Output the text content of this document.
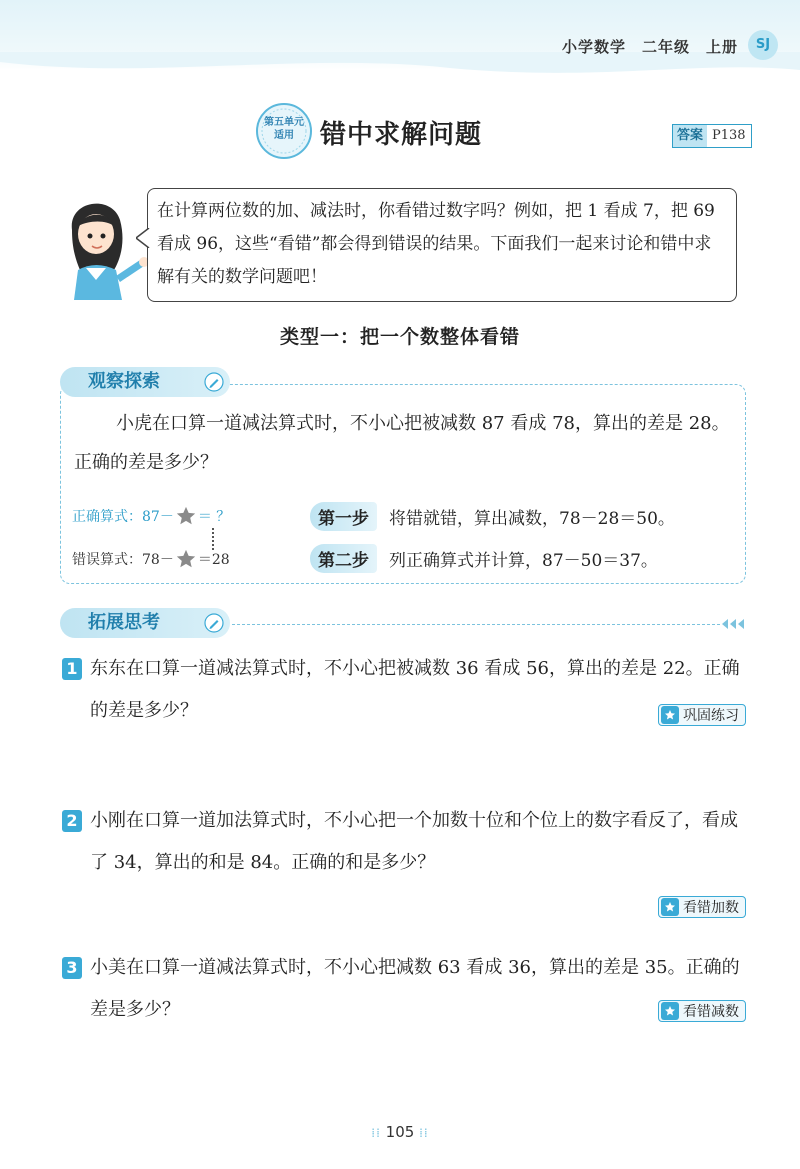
小学数学 二年级 上册	SJ
第五单元
适用	错中求解问题	答案 P138
在计算两位数的加、减法时，你看错过数字吗？例如，把 1 看成 7，把 69 看成 96，这些“看错”都会得到错误的结果。下面我们一起来讨论和错中求解有关的数学问题吧！
类型一：把一个数整体看错
观察探索
小虎在口算一道减法算式时，不小心把被减数 87 看成 78，算出的差是 28。正确的差是多少？
正确算式：87－ ＝ ？
错误算式：78－ ＝28
第一步	将错就错，算出减数，78－28＝50。
第二步	列正确算式并计算，87－50＝37。
拓展思考
1 东东在口算一道减法算式时，不小心把被减数 36 看成 56，算出的差是 22。正确的差是多少？	巩固练习
2 小刚在口算一道加法算式时，不小心把一个加数十位和个位上的数字看反了，看成了 34，算出的和是 84。正确的和是多少？
看错加数
3 小美在口算一道减法算式时，不小心把减数 63 看成 36，算出的差是 35。正确的差是多少？	看错减数
⁞⁞ 105 ⁞⁞
